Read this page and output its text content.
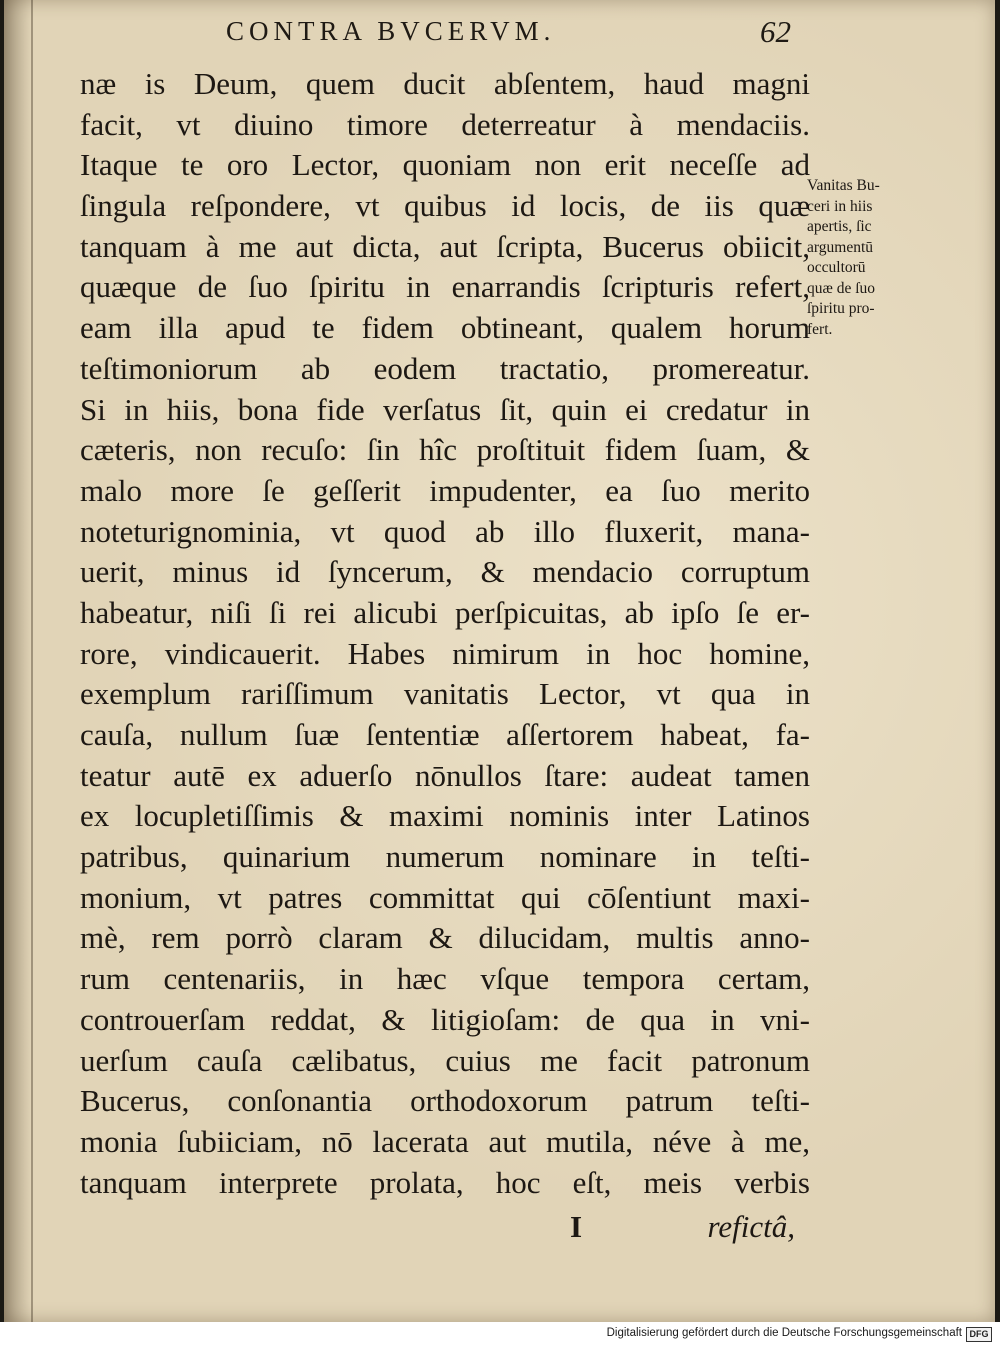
CONTRA BVCERVM.	62
næ is Deum, quem ducit abſentem, haud magni
facit, vt diuino timore deterreatur à mendaciis.
Itaque te oro Lector, quoniam non erit neceſſe ad
ſingula reſpondere, vt quibus id locis, de iis quæ
tanquam à me aut dicta, aut ſcripta, Bucerus obiicit,
quæque de ſuo ſpiritu in enarrandis ſcripturis refert,
eam illa apud te fidem obtineant, qualem horum
teſtimoniorum ab eodem tractatio, promereatur.
Si in hiis, bona fide verſatus ſit, quin ei credatur in
cæteris, non recuſo: ſin hîc proſtituit fidem ſuam, &
malo more ſe geſſerit impudenter, ea ſuo merito
noteturignominia, vt quod ab illo fluxerit, mana-
uerit, minus id ſyncerum, & mendacio corruptum
habeatur, niſi ſi rei alicubi perſpicuitas, ab ipſo ſe er-
rore, vindicauerit. Habes nimirum in hoc homine,
exemplum rariſſimum vanitatis Lector, vt qua in
cauſa, nullum ſuæ ſententiæ aſſertorem habeat, fa-
teatur autē ex aduerſo nōnullos ſtare: audeat tamen
ex locupletiſſimis & maximi nominis inter Latinos
patribus, quinarium numerum nominare in teſti-
monium, vt patres committat qui cōſentiunt maxi-
mè, rem porrò claram & dilucidam, multis anno-
rum centenariis, in hæc vſque tempora certam,
controuerſam reddat, & litigioſam: de qua in vni-
uerſum cauſa cælibatus, cuius me facit patronum
Bucerus, conſonantia orthodoxorum patrum teſti-
monia ſubiiciam, nō lacerata aut mutila, néve à me,
tanquam interprete prolata, hoc eſt, meis verbis
I	refictâ,
Vanitas Bu-
ceri in hiis
apertis, ſic
argumentū
occultorū
quæ de ſuo
ſpiritu pro-
fert.
Digitalisierung gefördert durch die Deutsche Forschungsgemeinschaft DFG
